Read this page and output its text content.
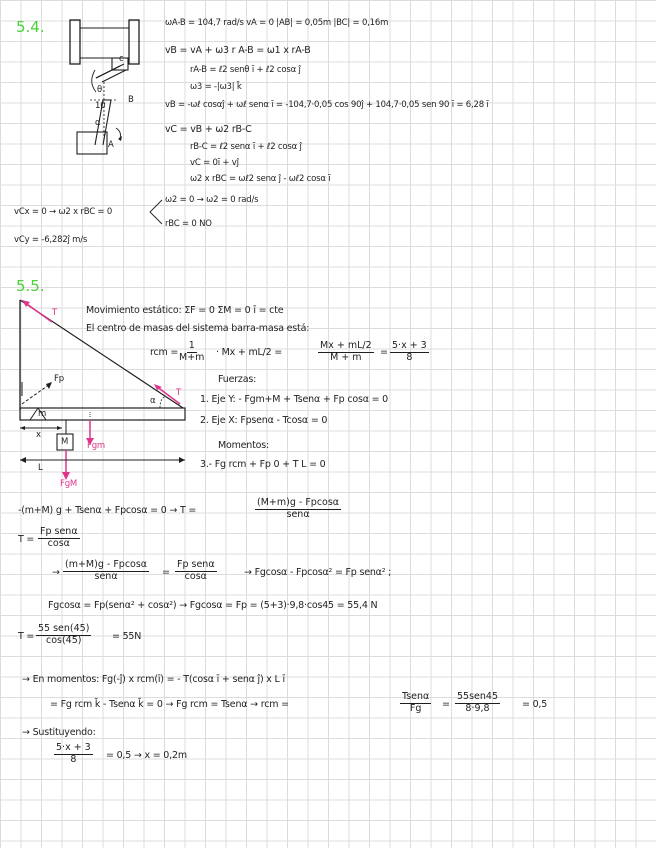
5.4.
c
B
A
θ
10
α
ωA-B = 104,7 rad/s vA = 0 |AB| = 0,05m |BC| = 0,16m
vB = vA + ω3 r A-B = ω1 x rA-B
rA-B = ℓ2 senθ ī + ℓ2 cosα ĵ
ω3 = -|ω3| k̄
vB = -ωℓ cosαĵ + ωℓ senα ī = -104,7·0,05 cos 90ĵ + 104,7·0,05 sen 90 ī = 6,28 ī
vC = vB + ω2 rB-C
rB-C = ℓ2 senα ī + ℓ2 cosα ĵ
vC = 0ī + vĵ
ω2 x rBC = ωℓ2 senα ĵ - ωℓ2 cosα ī
ω2 = 0 → ω2 = 0 rad/s
rBC = 0 NO
vCx = 0 → ω2 x rBC = 0
vCy = -6,282ĵ m/s
5.5.
T
T
Fp
α
m
x
M Fgm
L
FgM
Movimiento estático: ΣF = 0 ΣM = 0 ī = cte
El centro de masas del sistema barra-masa está:
rcm =
$\frac{1}{M+m} \cdot Mx + mL/2$ =	$\frac{Mx + mL/2}{M + m} = \frac{5\cdot x + 3}{8}$
Fuerzas:
1. Eje Y: - Fgm+M + Tsenα + Fp cosα = 0
2. Eje X: Fpsenα - Tcosα = 0
Momentos:
3.- Fg rcm + Fp 0 + T L = 0
-(m+M) g + Tsenα + Fpcosα = 0 → T =
(M+m)g - Fpcosα
senα
T =
Fp senα
cosα
→
(m+M)g - Fpcosα
senα	=
Fp senα
cosα	→ Fgcosα - Fpcosα² = Fp senα² ;
Fgcosα = Fp(senα² + cosα²) → Fgcosα = Fp = (5+3)·9,8·cos45 = 55,4 N
T =
55 sen(45)
cos(45)	= 55N
→ En momentos: Fg(-ĵ) x rcm(ī) = - T(cosα ī + senα ĵ) x L ī
= Fg rcm k̄ - Tsenα k̄ = 0 → Fg rcm = Tsenα → rcm =
Tsenα
Fg =
55sen45
8·9,8	= 0,5
→ Sustituyendo:
$\frac{5\cdot x + 3}{8} = 0,5 \to x = 0,2m$
